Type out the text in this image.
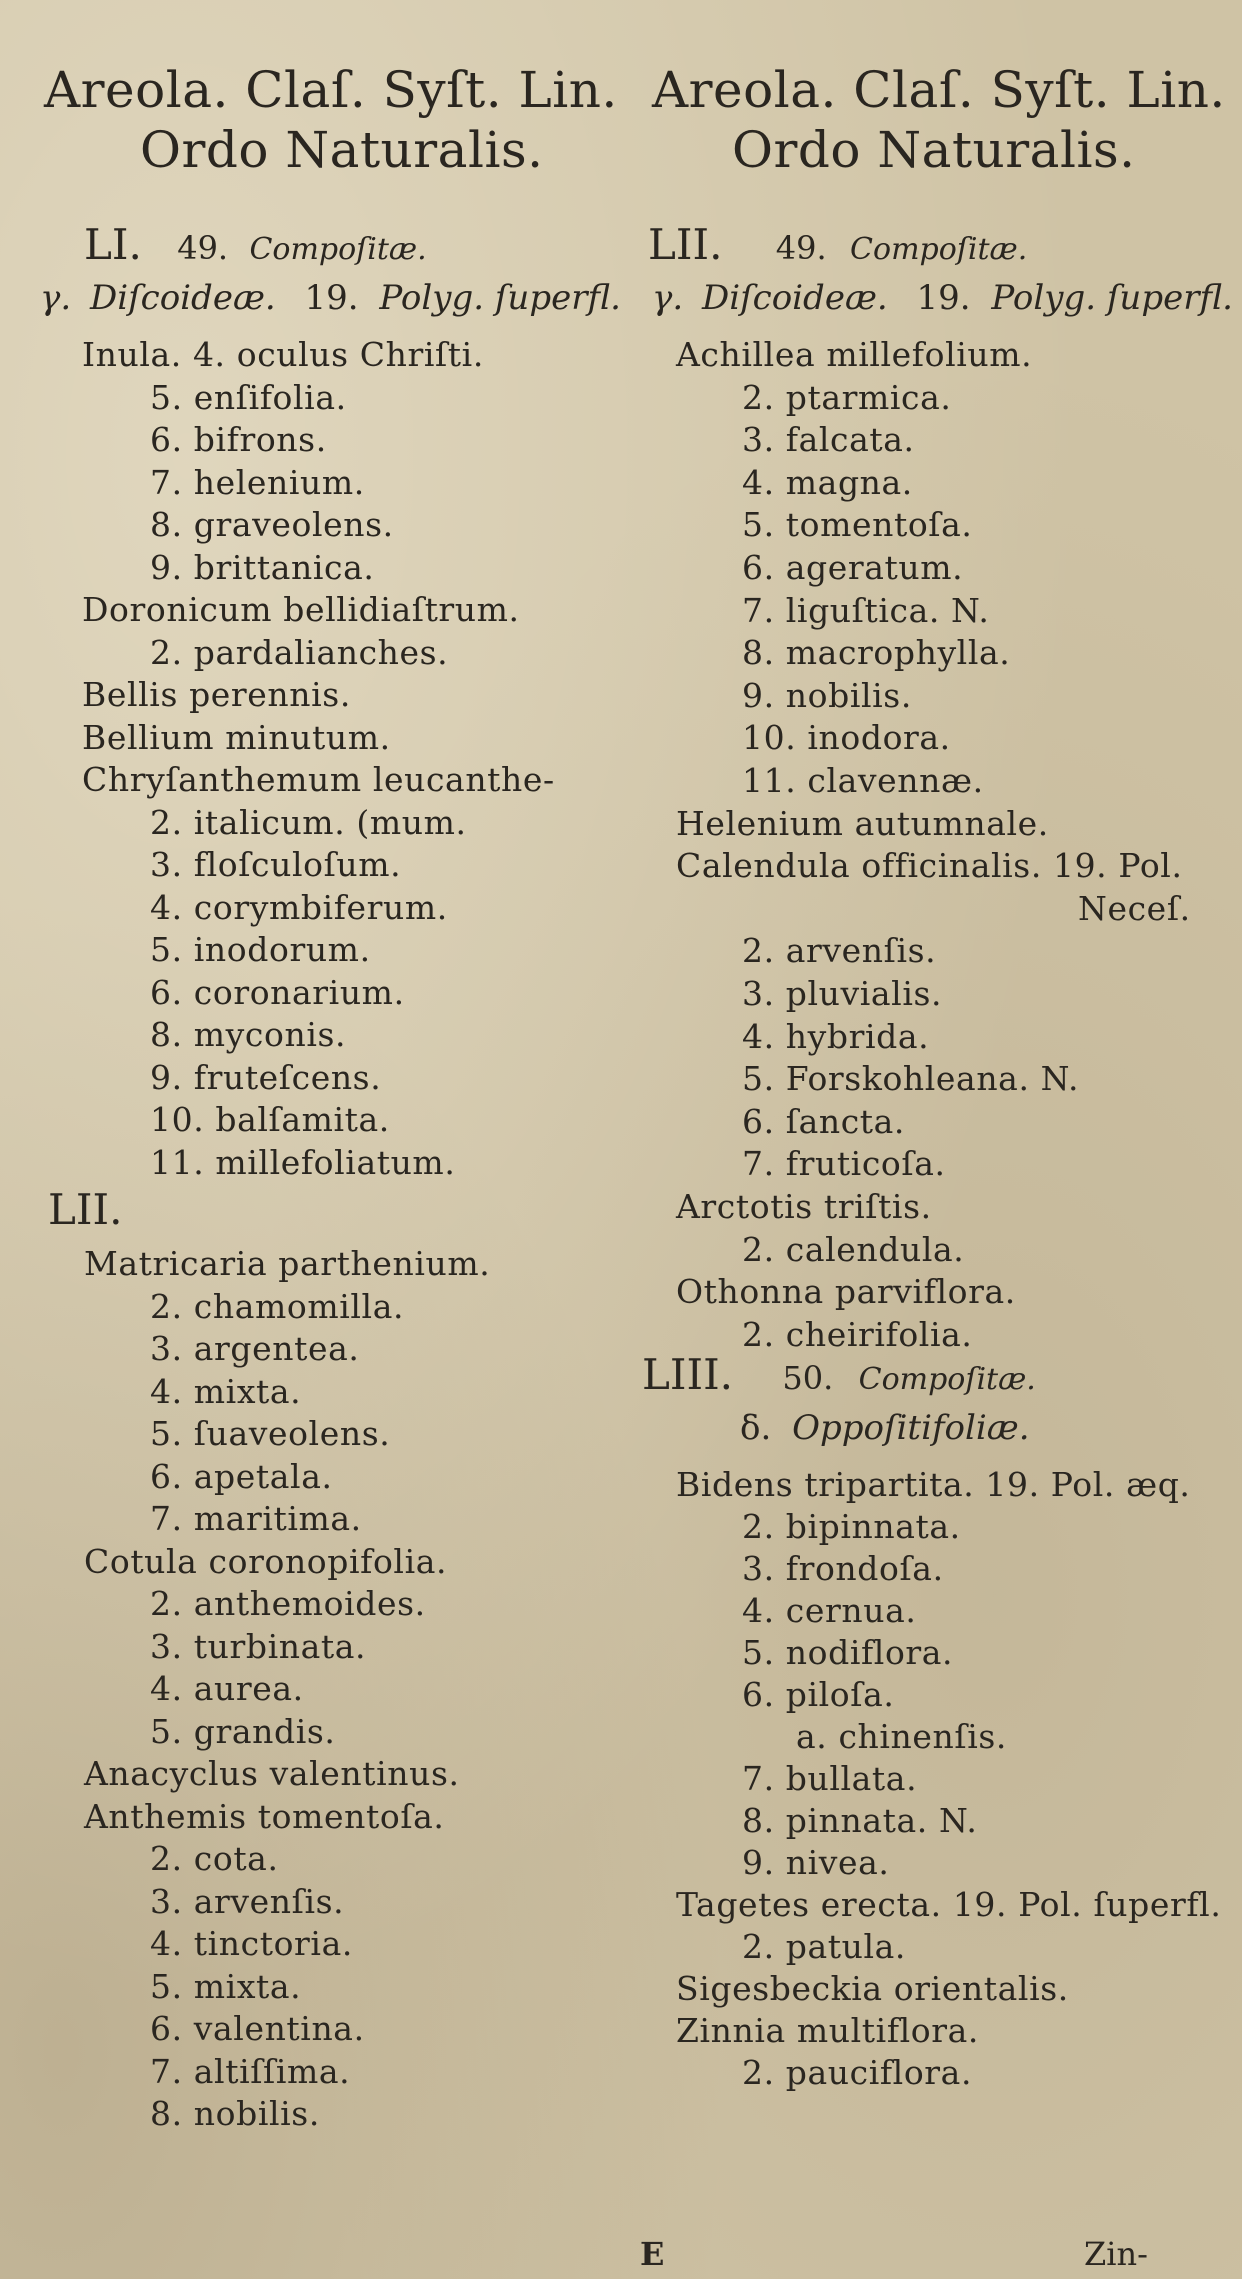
Areola. Claſ. Syſt. Lin.
Ordo Naturalis.
LI. 49. Compoſitæ.
γ. Diſcoideæ. 19. Polyg. ſuperfl.
Inula. 4. oculus Chriſti.
5. enſifolia.
6. bifrons.
7. helenium.
8. graveolens.
9. brittanica.
Doronicum bellidiaſtrum.
2. pardalianches.
Bellis perennis.
Bellium minutum.
Chryſanthemum leucanthe-
2. italicum. (mum.
3. floſculoſum.
4. corymbiferum.
5. inodorum.
6. coronarium.
8. myconis.
9. fruteſcens.
10. balſamita.
11. millefoliatum.
LII.
Matricaria parthenium.
2. chamomilla.
3. argentea.
4. mixta.
5. ſuaveolens.
6. apetala.
7. maritima.
Cotula coronopifolia.
2. anthemoides.
3. turbinata.
4. aurea.
5. grandis.
Anacyclus valentinus.
Anthemis tomentoſa.
2. cota.
3. arvenſis.
4. tinctoria.
5. mixta.
6. valentina.
7. altiſſima.
8. nobilis.
Areola. Claſ. Syſt. Lin.
Ordo Naturalis.
LII. 49. Compoſitæ.
γ. Diſcoideæ. 19. Polyg. ſuperfl.
Achillea millefolium.
2. ptarmica.
3. falcata.
4. magna.
5. tomentoſa.
6. ageratum.
7. liguſtica. N.
8. macrophylla.
9. nobilis.
10. inodora.
11. clavennæ.
Helenium autumnale.
Calendula officinalis. 19. Pol.
Neceſ.
2. arvenſis.
3. pluvialis.
4. hybrida.
5. Forskohleana. N.
6. ſancta.
7. fruticoſa.
Arctotis triſtis.
2. calendula.
Othonna parviflora.
2. cheirifolia.
LIII. 50. Compoſitæ.
δ. Oppoſitifoliæ.
Bidens tripartita. 19. Pol. æq.
2. bipinnata.
3. frondoſa.
4. cernua.
5. nodiflora.
6. piloſa.
a. chinenſis.
7. bullata.
8. pinnata. N.
9. nivea.
Tagetes erecta. 19. Pol. ſuperfl.
2. patula.
Sigesbeckia orientalis.
Zinnia multiflora.
2. pauciflora.
E	Zin-
